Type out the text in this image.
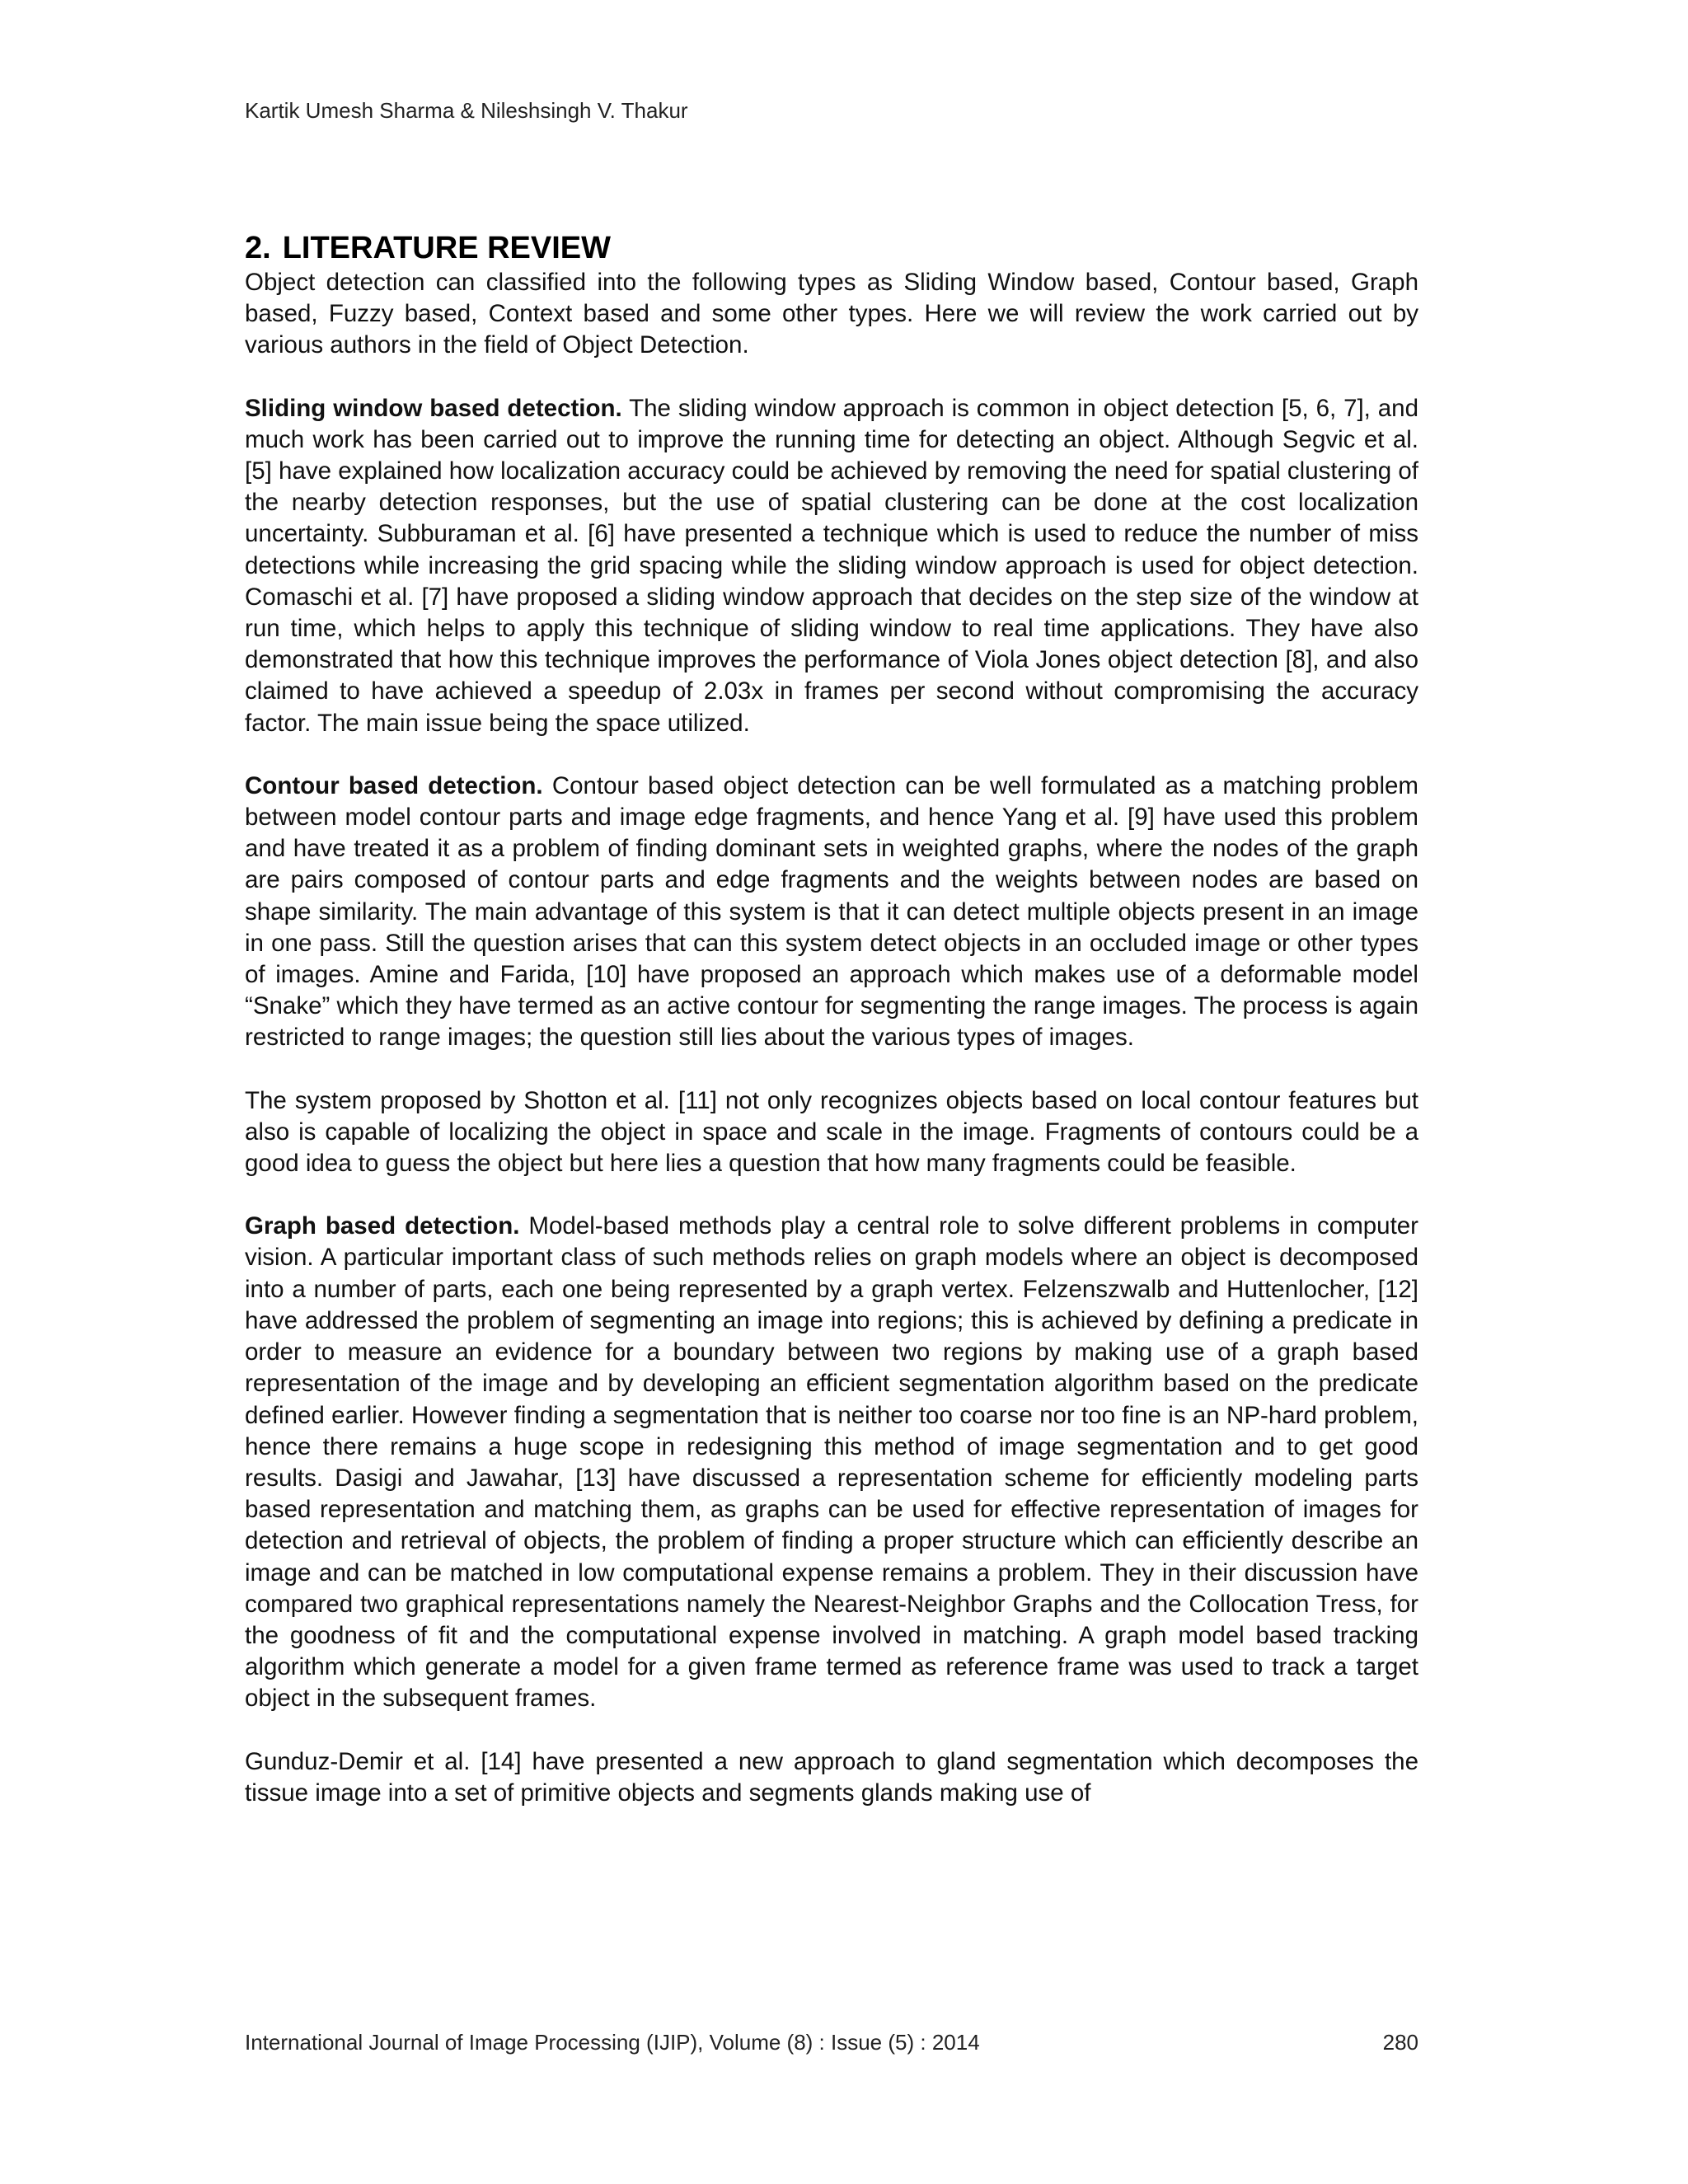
Kartik Umesh Sharma & Nileshsingh V. Thakur
2. LITERATURE REVIEW

Object detection can classified into the following types as Sliding Window based, Contour based, Graph based, Fuzzy based, Context based and some other types. Here we will review the work carried out by various authors in the field of Object Detection.

Sliding window based detection. The sliding window approach is common in object detection [5, 6, 7], and much work has been carried out to improve the running time for detecting an object. Although Segvic et al. [5] have explained how localization accuracy could be achieved by removing the need for spatial clustering of the nearby detection responses, but the use of spatial clustering can be done at the cost localization uncertainty. Subburaman et al. [6] have presented a technique which is used to reduce the number of miss detections while increasing the grid spacing while the sliding window approach is used for object detection. Comaschi et al. [7] have proposed a sliding window approach that decides on the step size of the window at run time, which helps to apply this technique of sliding window to real time applications. They have also demonstrated that how this technique improves the performance of Viola Jones object detection [8], and also claimed to have achieved a speedup of 2.03x in frames per second without compromising the accuracy factor. The main issue being the space utilized.

Contour based detection. Contour based object detection can be well formulated as a matching problem between model contour parts and image edge fragments, and hence Yang et al. [9] have used this problem and have treated it as a problem of finding dominant sets in weighted graphs, where the nodes of the graph are pairs composed of contour parts and edge fragments and the weights between nodes are based on shape similarity. The main advantage of this system is that it can detect multiple objects present in an image in one pass. Still the question arises that can this system detect objects in an occluded image or other types of images. Amine and Farida, [10] have proposed an approach which makes use of a deformable model “Snake” which they have termed as an active contour for segmenting the range images. The process is again restricted to range images; the question still lies about the various types of images.

The system proposed by Shotton et al. [11] not only recognizes objects based on local contour features but also is capable of localizing the object in space and scale in the image. Fragments of contours could be a good idea to guess the object but here lies a question that how many fragments could be feasible.

Graph based detection. Model-based methods play a central role to solve different problems in computer vision. A particular important class of such methods relies on graph models where an object is decomposed into a number of parts, each one being represented by a graph vertex. Felzenszwalb and Huttenlocher, [12] have addressed the problem of segmenting an image into regions; this is achieved by defining a predicate in order to measure an evidence for a boundary between two regions by making use of a graph based representation of the image and by developing an efficient segmentation algorithm based on the predicate defined earlier. However finding a segmentation that is neither too coarse nor too fine is an NP-hard problem, hence there remains a huge scope in redesigning this method of image segmentation and to get good results. Dasigi and Jawahar, [13] have discussed a representation scheme for efficiently modeling parts based representation and matching them, as graphs can be used for effective representation of images for detection and retrieval of objects, the problem of finding a proper structure which can efficiently describe an image and can be matched in low computational expense remains a problem. They in their discussion have compared two graphical representations namely the Nearest-Neighbor Graphs and the Collocation Tress, for the goodness of fit and the computational expense involved in matching. A graph model based tracking algorithm which generate a model for a given frame termed as reference frame was used to track a target object in the subsequent frames.

Gunduz-Demir et al. [14] have presented a new approach to gland segmentation which decomposes the tissue image into a set of primitive objects and segments glands making use of

International Journal of Image Processing (IJIP), Volume (8) : Issue (5) : 2014	280
